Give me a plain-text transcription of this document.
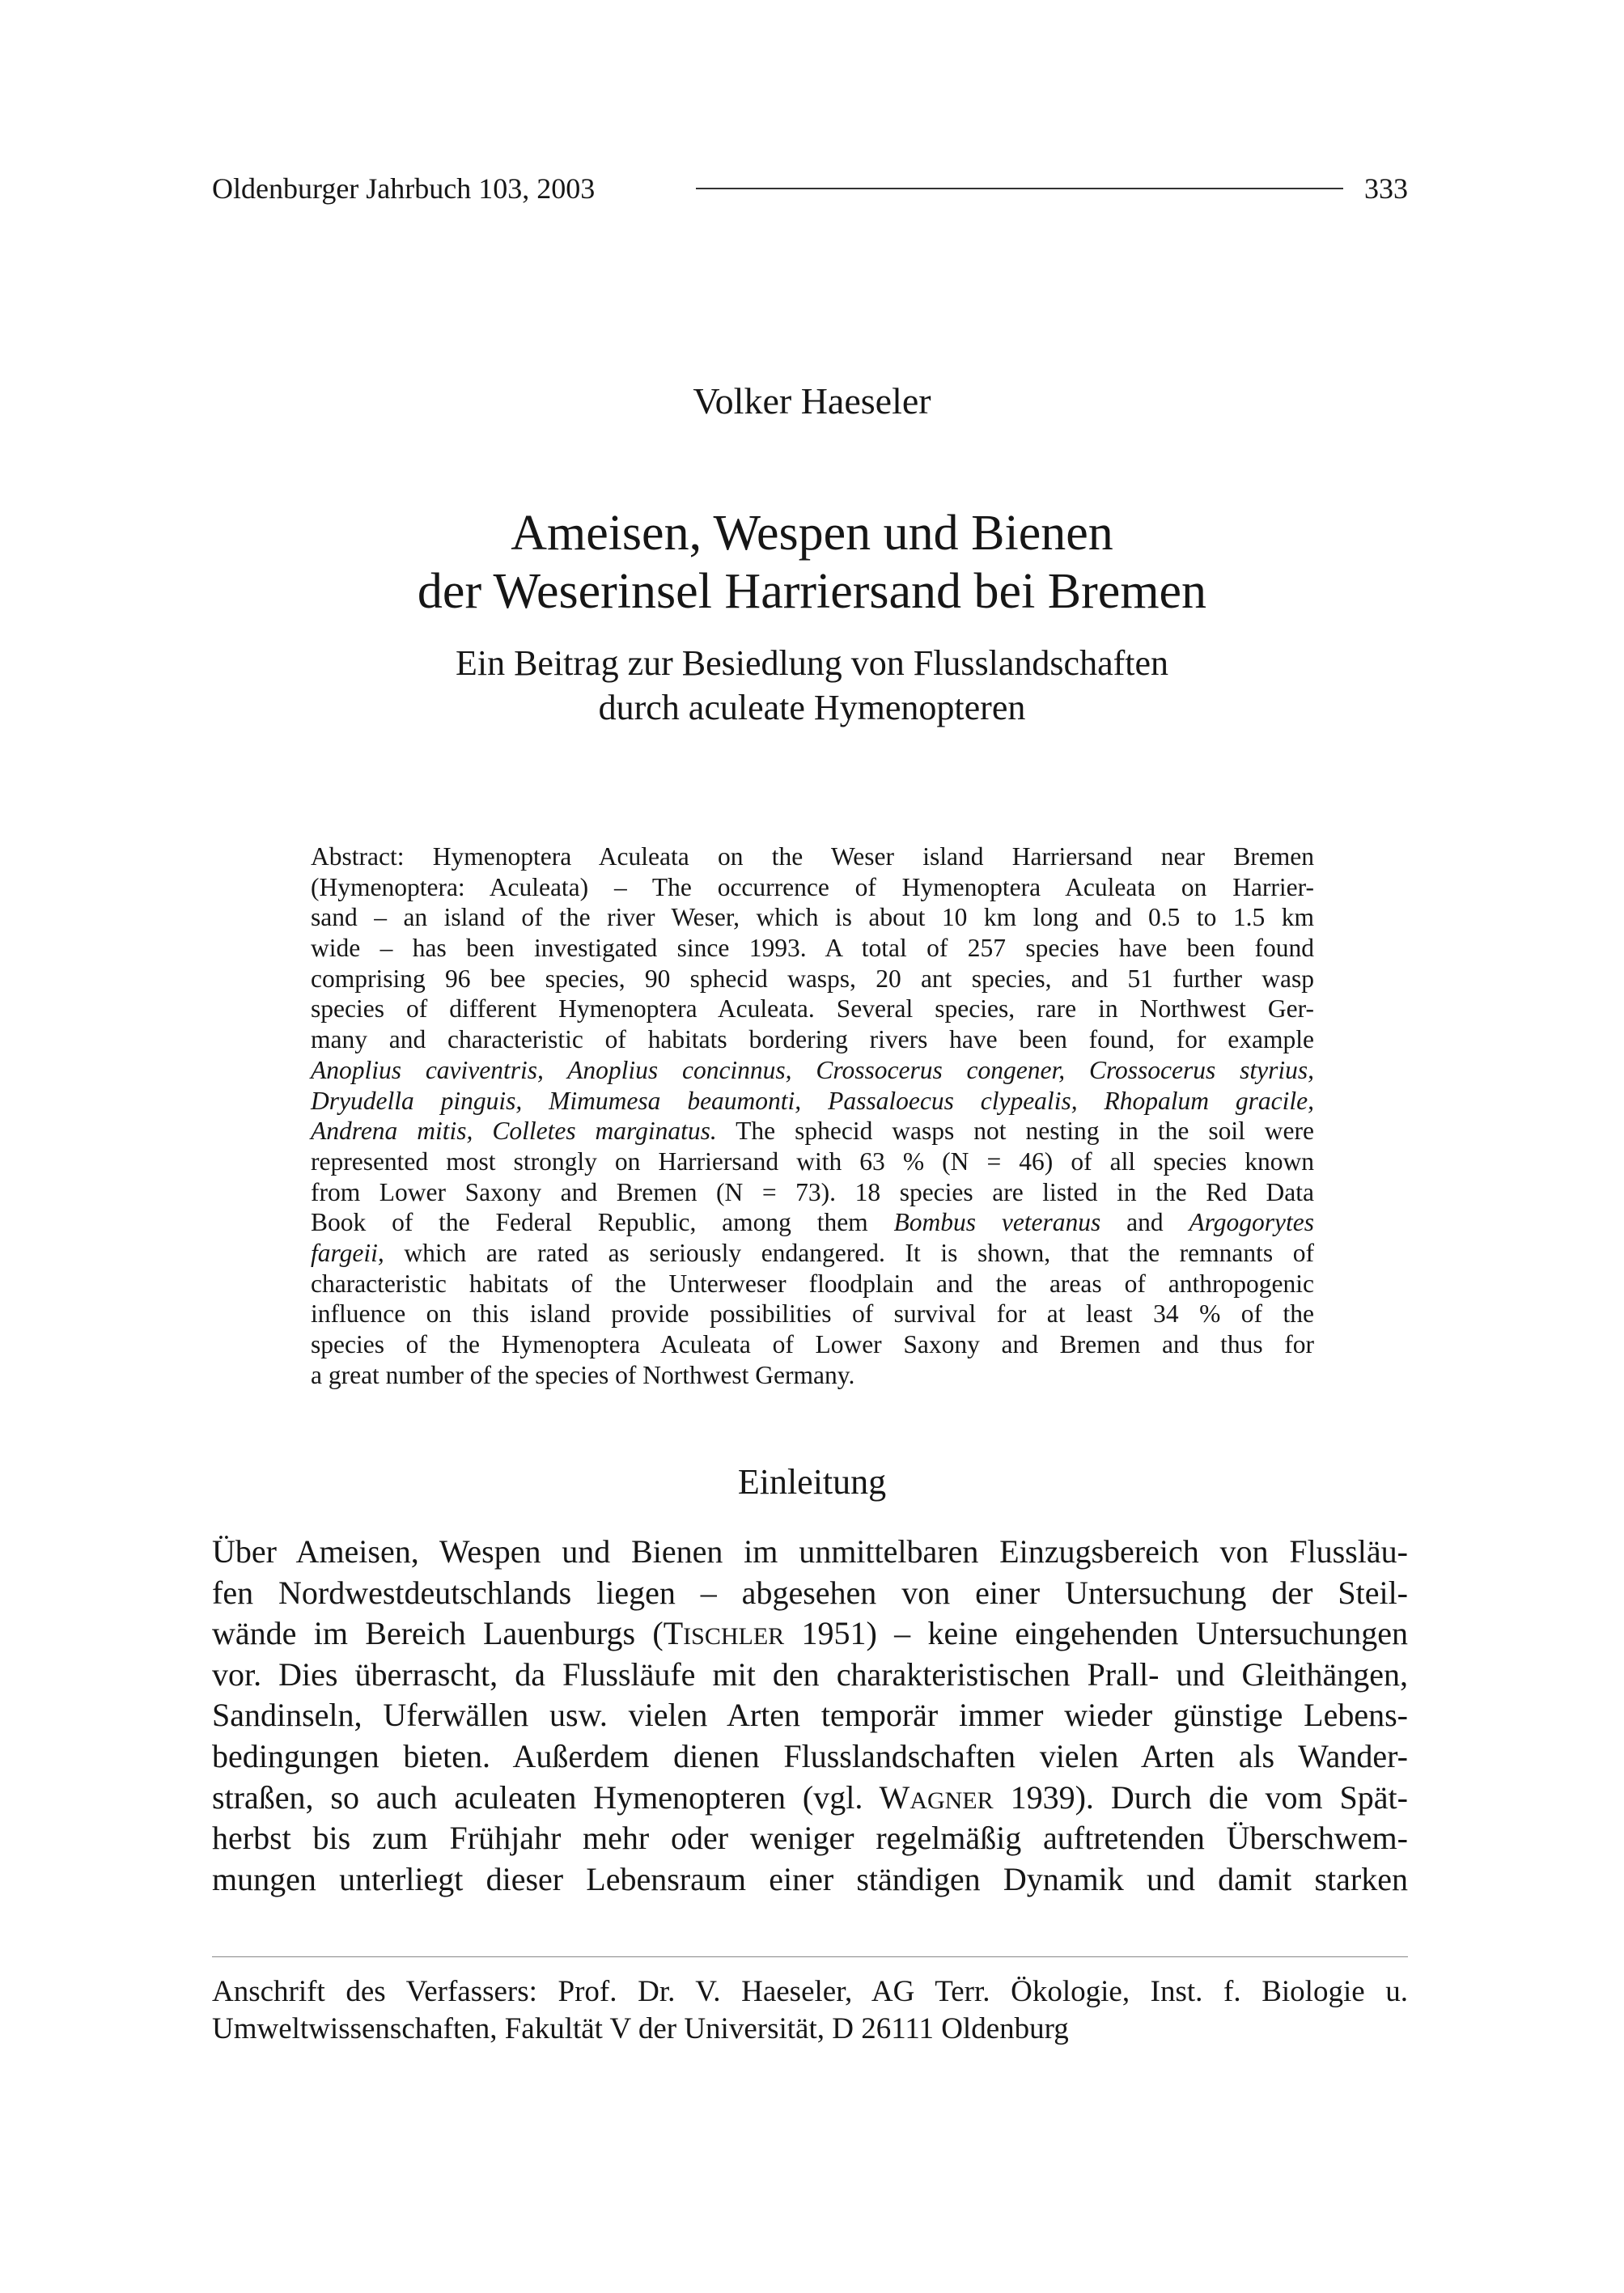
Oldenburger Jahrbuch 103, 2003	333
Volker Haeseler
Ameisen, Wespen und Bienen
der Weserinsel Harriersand bei Bremen
Ein Beitrag zur Besiedlung von Flusslandschaften
durch aculeate Hymenopteren
Abstract: Hymenoptera Aculeata on the Weser island Harriersand near Bremen
(Hymenoptera: Aculeata) – The occurrence of Hymenoptera Aculeata on Harrier-
sand – an island of the river Weser, which is about 10 km long and 0.5 to 1.5 km
wide – has been investigated since 1993. A total of 257 species have been found
comprising 96 bee species, 90 sphecid wasps, 20 ant species, and 51 further wasp
species of different Hymenoptera Aculeata. Several species, rare in Northwest Ger-
many and characteristic of habitats bordering rivers have been found, for example
Anoplius caviventris, Anoplius concinnus, Crossocerus congener, Crossocerus styrius,
Dryudella pinguis, Mimumesa beaumonti, Passaloecus clypealis, Rhopalum gracile,
Andrena mitis, Colletes marginatus. The sphecid wasps not nesting in the soil were
represented most strongly on Harriersand with 63 % (N = 46) of all species known
from Lower Saxony and Bremen (N = 73). 18 species are listed in the Red Data
Book of the Federal Republic, among them Bombus veteranus and Argogorytes
fargeii, which are rated as seriously endangered. It is shown, that the remnants of
characteristic habitats of the Unterweser floodplain and the areas of anthropogenic
influence on this island provide possibilities of survival for at least 34 % of the
species of the Hymenoptera Aculeata of Lower Saxony and Bremen and thus for
a great number of the species of Northwest Germany.
Einleitung
Über Ameisen, Wespen und Bienen im unmittelbaren Einzugsbereich von Flussläu-
fen Nordwestdeutschlands liegen – abgesehen von einer Untersuchung der Steil-
wände im Bereich Lauenburgs (TISCHLER 1951) – keine eingehenden Untersuchungen
vor. Dies überrascht, da Flussläufe mit den charakteristischen Prall- und Gleithängen,
Sandinseln, Uferwällen usw. vielen Arten temporär immer wieder günstige Lebens-
bedingungen bieten. Außerdem dienen Flusslandschaften vielen Arten als Wander-
straßen, so auch aculeaten Hymenopteren (vgl. WAGNER 1939). Durch die vom Spät-
herbst bis zum Frühjahr mehr oder weniger regelmäßig auftretenden Überschwem-
mungen unterliegt dieser Lebensraum einer ständigen Dynamik und damit starken
Anschrift des Verfassers: Prof. Dr. V. Haeseler, AG Terr. Ökologie, Inst. f. Biologie u.
Umweltwissenschaften, Fakultät V der Universität, D 26111 Oldenburg
